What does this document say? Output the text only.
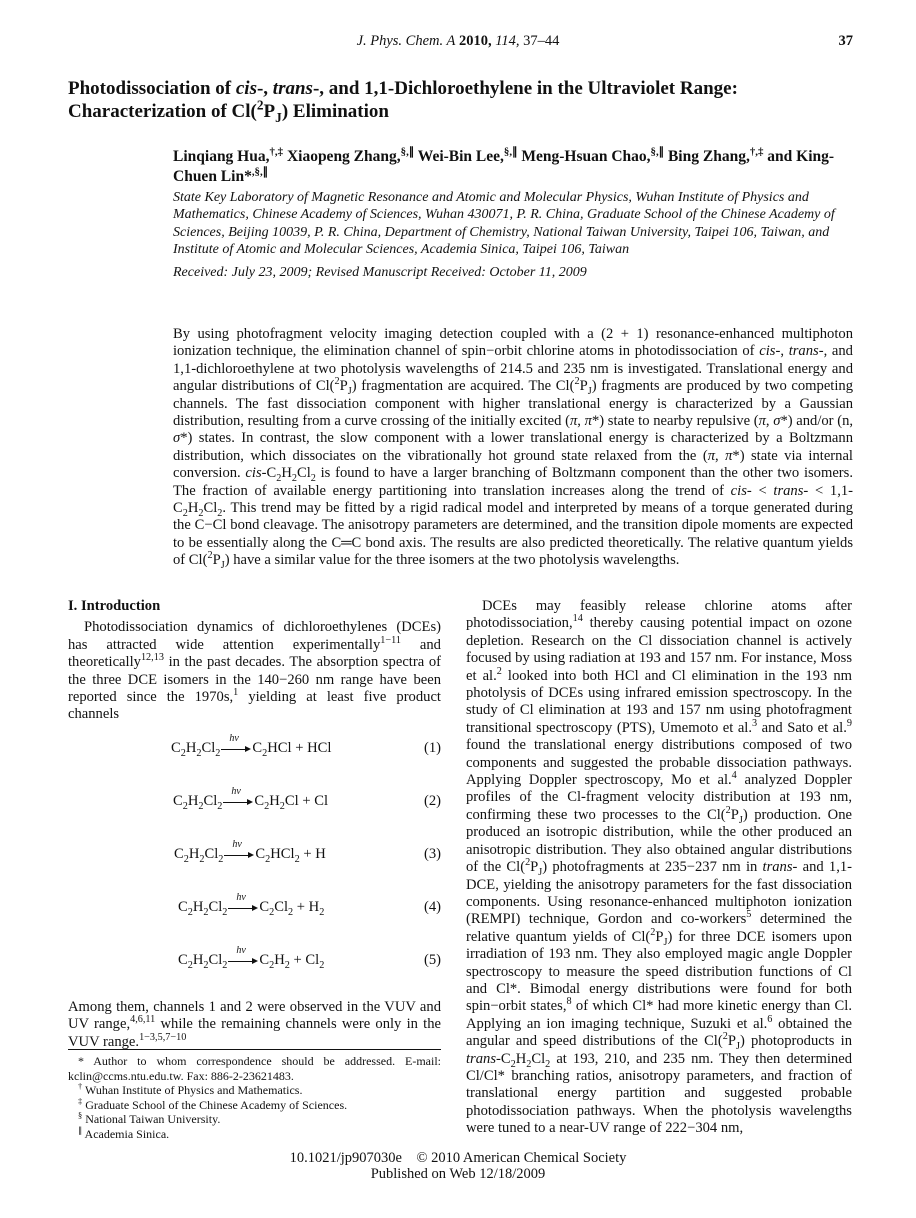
J. Phys. Chem. A 2010, 114, 37–44	37
Photodissociation of cis-, trans-, and 1,1-Dichloroethylene in the Ultraviolet Range: Characterization of $Cl(^2P_J)$ Elimination
Linqiang Hua,†,‡ Xiaopeng Zhang,§,∥ Wei-Bin Lee,§,∥ Meng-Hsuan Chao,§,∥ Bing Zhang,†,‡ and King-Chuen Lin*,§,∥
State Key Laboratory of Magnetic Resonance and Atomic and Molecular Physics, Wuhan Institute of Physics and Mathematics, Chinese Academy of Sciences, Wuhan 430071, P. R. China, Graduate School of the Chinese Academy of Sciences, Beijing 10039, P. R. China, Department of Chemistry, National Taiwan University, Taipei 106, Taiwan, and Institute of Atomic and Molecular Sciences, Academia Sinica, Taipei 106, Taiwan
Received: July 23, 2009; Revised Manuscript Received: October 11, 2009
By using photofragment velocity imaging detection coupled with a (2 + 1) resonance-enhanced multiphoton ionization technique, the elimination channel of spin−orbit chlorine atoms in photodissociation of cis-, trans-, and 1,1-dichloroethylene at two photolysis wavelengths of 214.5 and 235 nm is investigated. Translational energy and angular distributions of $Cl(^2P_J)$ fragmentation are acquired. The $Cl(^2P_J)$ fragments are produced by two competing channels. The fast dissociation component with higher translational energy is characterized by a Gaussian distribution, resulting from a curve crossing of the initially excited (π, π*) state to nearby repulsive (π, σ*) and/or (n, σ*) states. In contrast, the slow component with a lower translational energy is characterized by a Boltzmann distribution, which dissociates on the vibrationally hot ground state relaxed from the (π, π*) state via internal conversion. cis-$C_2H_2Cl_2$ is found to have a larger branching of Boltzmann component than the other two isomers. The fraction of available energy partitioning into translation increases along the trend of cis- < trans- < $1,1-C_2H_2Cl_2$. This trend may be fitted by a rigid radical model and interpreted by means of a torque generated during the C−Cl bond cleavage. The anisotropy parameters are determined, and the transition dipole moments are expected to be essentially along the C═C bond axis. The results are also predicted theoretically. The relative quantum yields of $Cl(^2P_J)$ have a similar value for the three isomers at the two photolysis wavelengths.
I. Introduction

Photodissociation dynamics of dichloroethylenes (DCEs) has attracted wide attention experimentally$^{1-11}$ and theoretically$^{12,13}$ in the past decades. The absorption spectra of the three DCE isomers in the 140−260 nm range have been reported since the 1970s,$^1$ yielding at least five product channels

$C_2H_2Cl_2$
hν
$C_2HCl$ + HCl	(1)
$C_2H_2Cl_2$
hν
$C_2H_2Cl + Cl$	(2)
$C_2H_2Cl_2$
hν
$C_2HCl_2 + H$	(3)
$C_2H_2Cl_2$
hν
$C_2Cl_2 + H_2$	(4)
$C_2H_2Cl_2$
hν
$C_2H_2 + Cl_2$	(5)

Among them, channels 1 and 2 were observed in the VUV and UV range,$^{4,6,11}$ while the remaining channels were only in the VUV range.$^{1-3,5,7-10}$

DCEs may feasibly release chlorine atoms after photodissociation,$^{14}$ thereby causing potential impact on ozone depletion. Research on the Cl dissociation channel is actively focused by using radiation at 193 and 157 nm. For instance, Moss et al.$^2$ looked into both HCl and Cl elimination in the 193 nm photolysis of DCEs using infrared emission spectroscopy. In the study of Cl elimination at 193 and 157 nm using photofragment transitional spectroscopy (PTS), Umemoto et al.$^3$ and Sato et al.$^9$ found the translational energy distributions composed of two components and suggested the probable dissociation pathways. Applying Doppler spectroscopy, Mo et al.$^4$ analyzed Doppler profiles of the Cl-fragment velocity distribution at 193 nm, confirming these two processes to the $Cl(^2P_J)$ production. One produced an isotropic distribution, while the other produced an anisotropic distribution. They also obtained angular distributions of the $Cl(^2P_J)$ photofragments at 235−237 nm in trans- and 1,1-DCE, yielding the anisotropy parameters for the fast dissociation components. Using resonance-enhanced multiphoton ionization (REMPI) technique, Gordon and co-workers$^5$ determined the relative quantum yields of $Cl(^2P_J)$ for three DCE isomers upon irradiation of 193 nm. They also employed magic angle Doppler spectroscopy to measure the speed distribution functions of Cl and Cl*. Bimodal energy distributions were found for both spin−orbit states,$^8$ of which Cl* had more kinetic energy than Cl. Applying an ion imaging technique, Suzuki et al.$^6$ obtained the angular and speed distributions of the $Cl(^2P_J)$ photoproducts in trans-$C_2H_2Cl_2$ at 193, 210, and 235 nm. They then determined Cl/Cl* branching ratios, anisotropy parameters, and fraction of translational energy partition and suggested probable photodissociation pathways. When the photolysis wavelengths were tuned to a near-UV range of 222−304 nm,

* Author to whom correspondence should be addressed. E-mail: kclin@ccms.ntu.edu.tw. Fax: 886-2-23621483.

† Wuhan Institute of Physics and Mathematics.

‡ Graduate School of the Chinese Academy of Sciences.

§ National Taiwan University.

∥ Academia Sinica.

10.1021/jp907030e © 2010 American Chemical Society
Published on Web 12/18/2009
